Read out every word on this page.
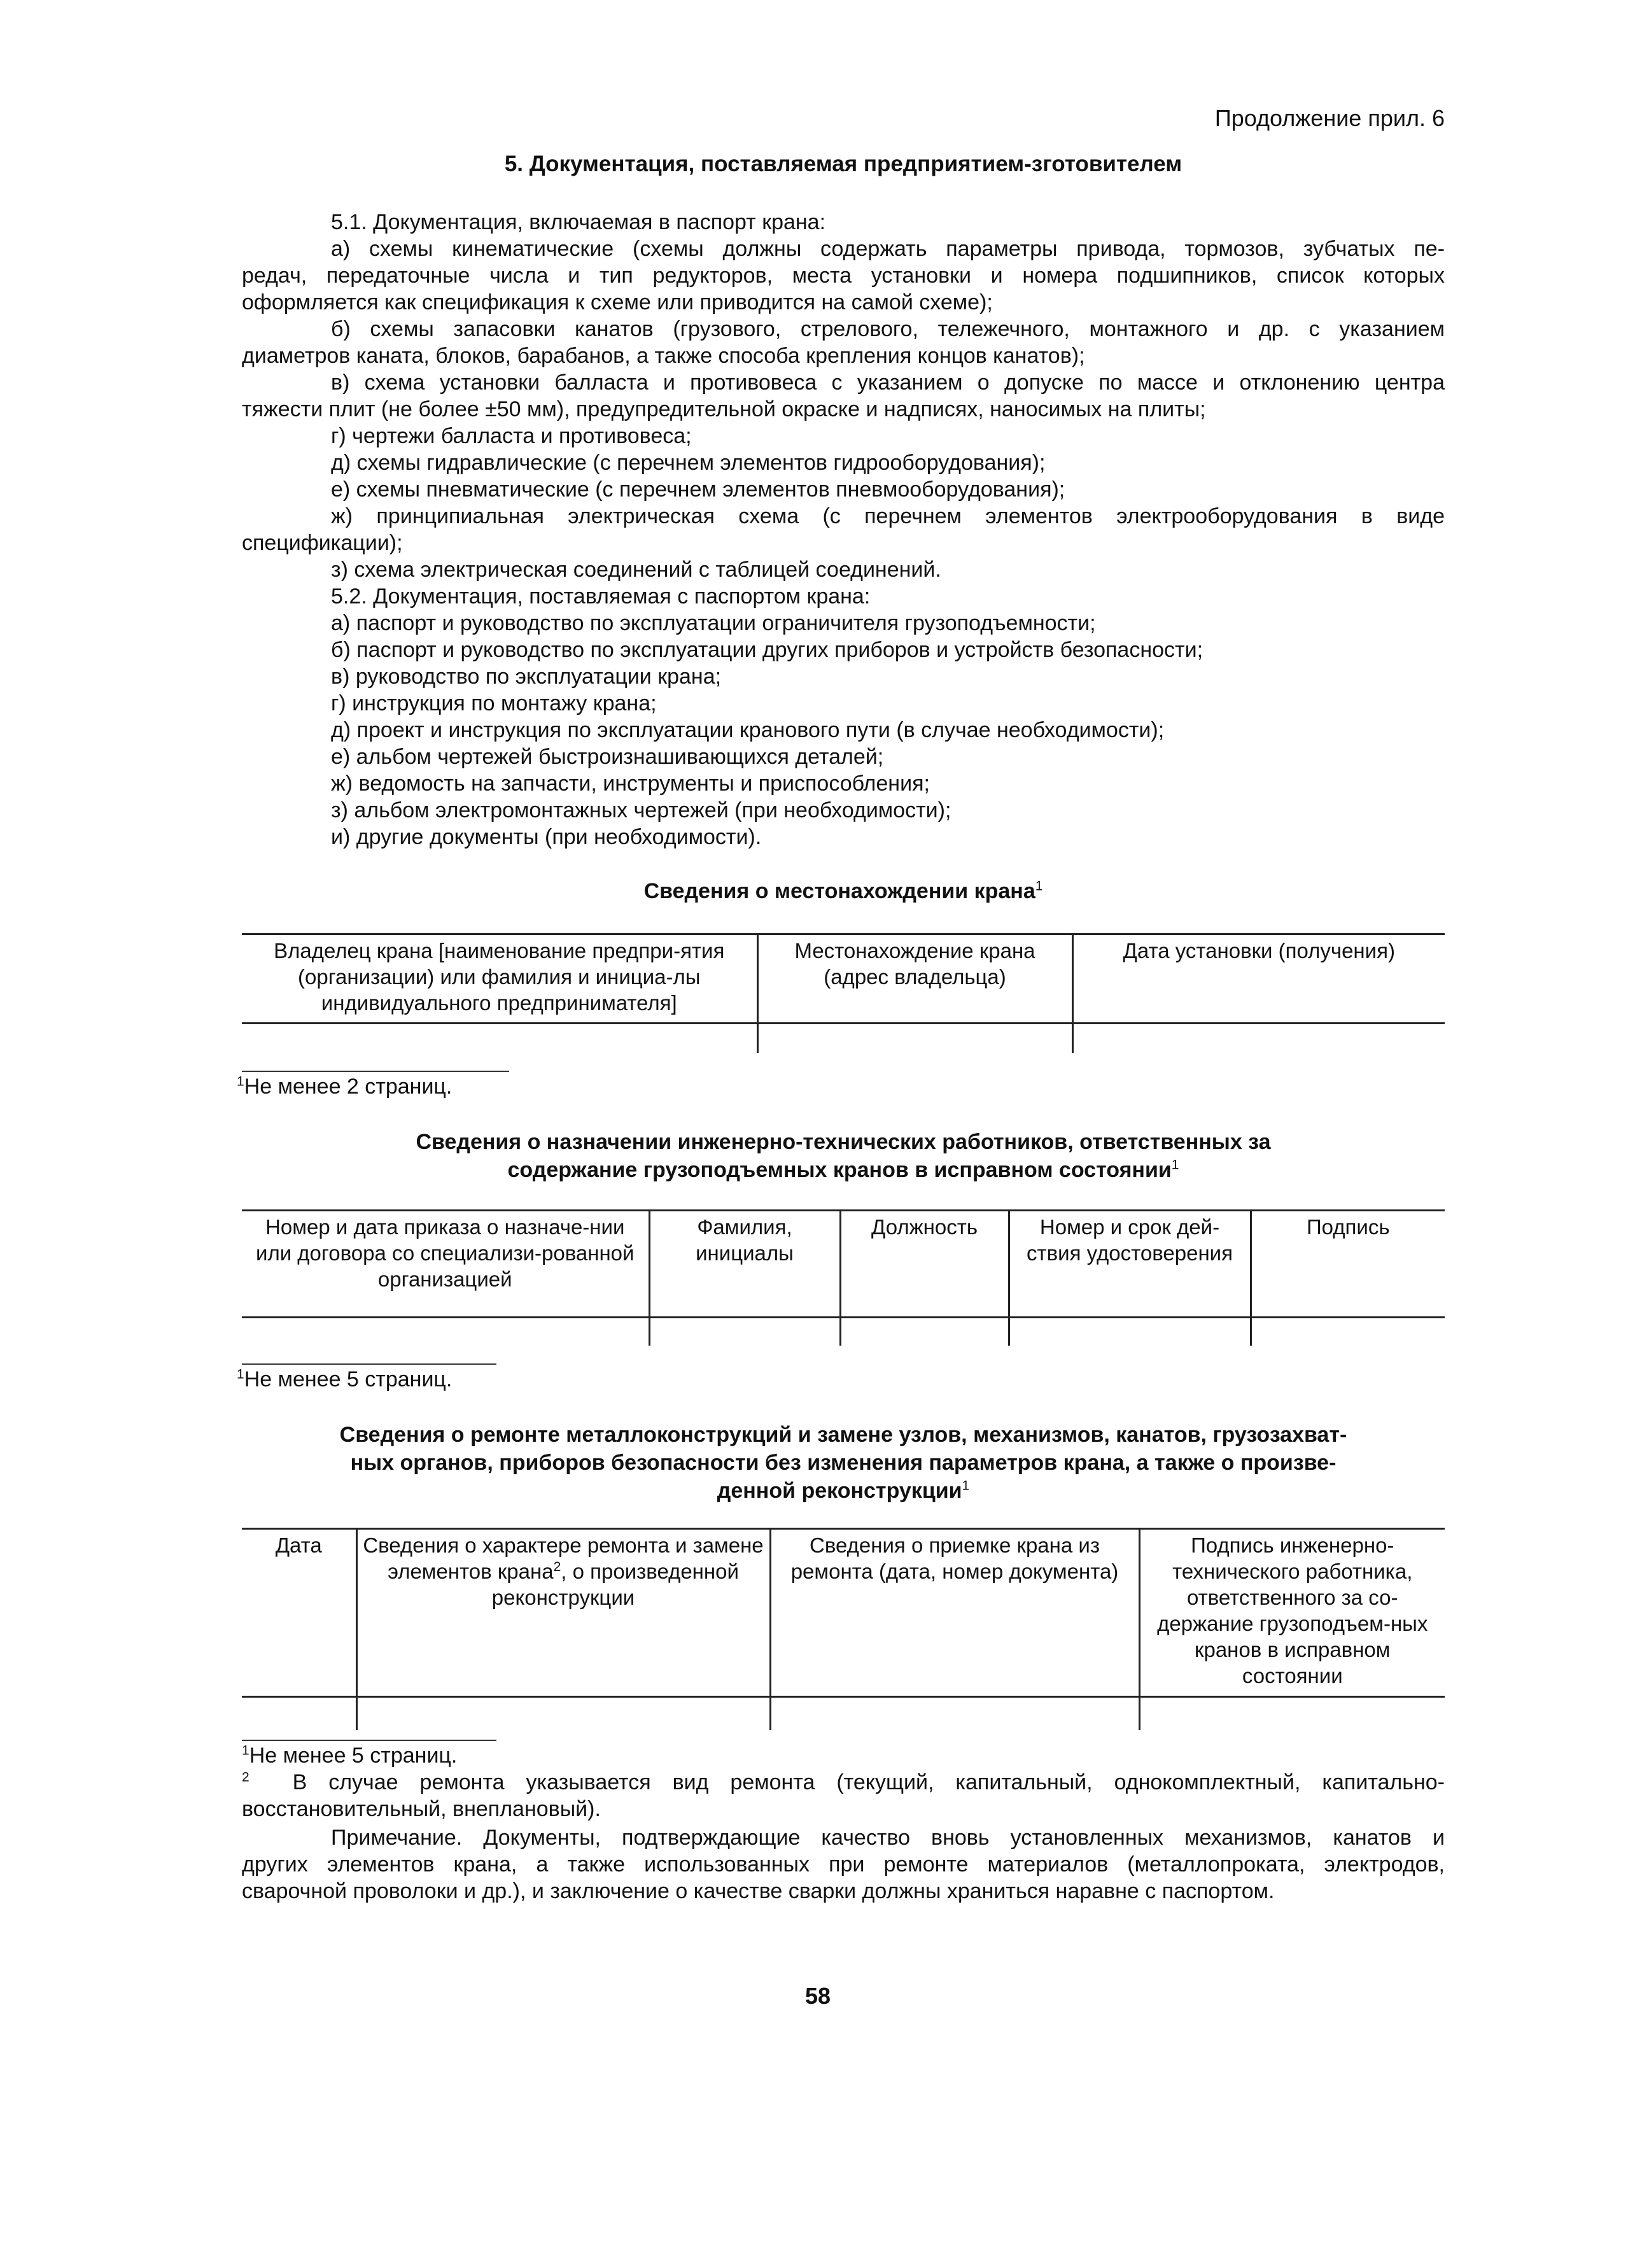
Продолжение прил. 6
5. Документация, поставляемая предприятием-зготовителем

5.1. Документация, включаемая в паспорт крана:

а) схемы кинематические (схемы должны содержать параметры привода, тормозов, зубчатых пе-

редач, передаточные числа и тип редукторов, места установки и номера подшипников, список которых

оформляется как спецификация к схеме или приводится на самой схеме);

б) схемы запасовки канатов (грузового, стрелового, тележечного, монтажного и др. с указанием

диаметров каната, блоков, барабанов, а также способа крепления концов канатов);

в) схема установки балласта и противовеса с указанием о допуске по массе и отклонению центра

тяжести плит (не более ±50 мм), предупредительной окраске и надписях, наносимых на плиты;

г) чертежи балласта и противовеса;

д) схемы гидравлические (с перечнем элементов гидрооборудования);

е) схемы пневматические (с перечнем элементов пневмооборудования);

ж) принципиальная электрическая схема (с перечнем элементов электрооборудования в виде

спецификации);

з) схема электрическая соединений с таблицей соединений.

5.2. Документация, поставляемая с паспортом крана:

а) паспорт и руководство по эксплуатации ограничителя грузоподъемности;

б) паспорт и руководство по эксплуатации других приборов и устройств безопасности;

в) руководство по эксплуатации крана;

г) инструкция по монтажу крана;

д) проект и инструкция по эксплуатации кранового пути (в случае необходимости);

е) альбом чертежей быстроизнашивающихся деталей;

ж) ведомость на запчасти, инструменты и приспособления;

з) альбом электромонтажных чертежей (при необходимости);

и) другие документы (при необходимости).

Сведения о местонахождении крана$^1$
Владелец крана [наименование предпри-ятия (организации) или фамилия и инициа-лы индивидуального предпринимателя]	Местонахождение крана (адрес владельца)	Дата установки (получения)

$^1$Не менее 2 страниц.
Сведения о назначении инженерно-технических работников, ответственных за
содержание грузоподъемных кранов в исправном состоянии$^1$
Номер и дата приказа о назначе-нии или договора со специализи-рованной организацией	Фамилия, инициалы	Должность	Номер и срок дей-ствия удостоверения	Подпись

$^1$Не менее 5 страниц.
Сведения о ремонте металлоконструкций и замене узлов, механизмов, канатов, грузозахват-
ных органов, приборов безопасности без изменения параметров крана, а также о произве-
денной реконструкции$^1$
Дата	Сведения о характере ремонта и замене элементов крана$^2$, о произведенной реконструкции	Сведения о приемке крана из ремонта (дата, номер документа)	Подпись инженерно-технического работника, ответственного за со-держание грузоподъем-ных кранов в исправном состоянии

$^1$Не менее 5 страниц.

$^2$ В случае ремонта указывается вид ремонта (текущий, капитальный, однокомплектный, капитально-

восстановительный, внеплановый).

Примечание. Документы, подтверждающие качество вновь установленных механизмов, канатов и

других элементов крана, а также использованных при ремонте материалов (металлопроката, электродов,

сварочной проволоки и др.), и заключение о качестве сварки должны храниться наравне с паспортом.

58
